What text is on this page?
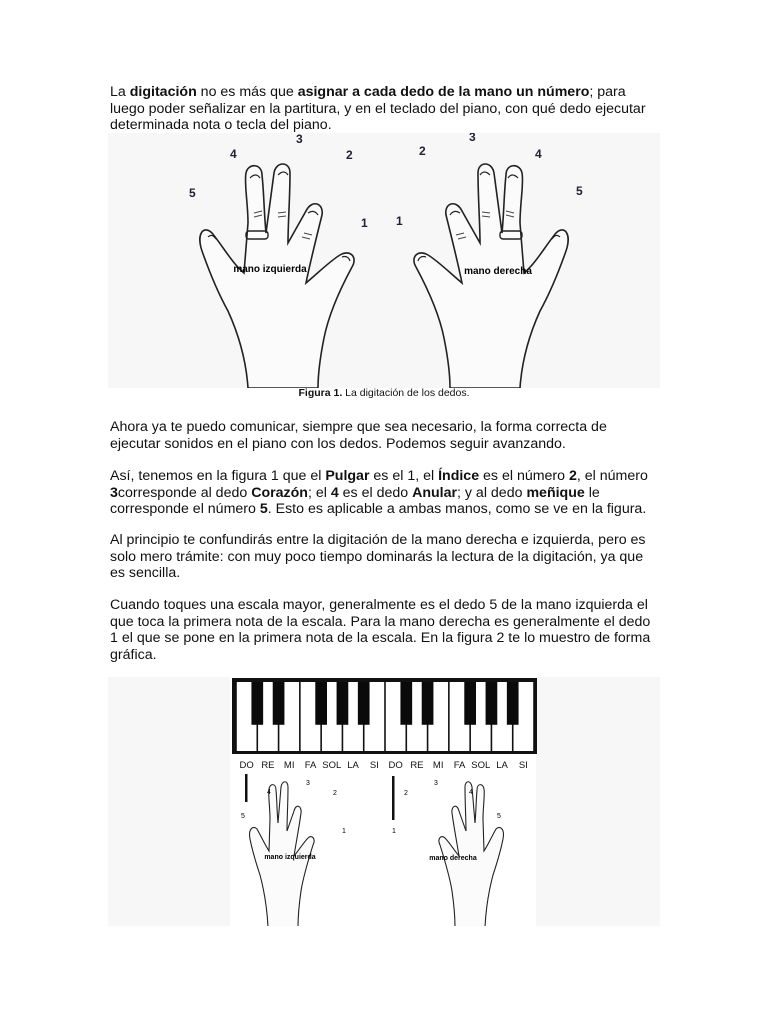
La digitación no es más que asignar a cada dedo de la mano un número; para luego poder señalizar en la partitura, y en el teclado del piano, con qué dedo ejecutar determinada nota o tecla del piano.

mano izquierda	mano derecha
5
4
3
2
1 1
2
3
4
5
Figura 1. La digitación de los dedos.

Ahora ya te puedo comunicar, siempre que sea necesario, la forma correcta de ejecutar sonidos en el piano con los dedos. Podemos seguir avanzando.

Así, tenemos en la figura 1 que el Pulgar es el 1, el Índice es el número 2, el número 3corresponde al dedo Corazón; el 4 es el dedo Anular; y al dedo meñique le corresponde el número 5. Esto es aplicable a ambas manos, como se ve en la figura.

Al principio te confundirás entre la digitación de la mano derecha e izquierda, pero es solo mero trámite: con muy poco tiempo dominarás la lectura de la digitación, ya que es sencilla.

Cuando toques una escala mayor, generalmente es el dedo 5 de la mano izquierda el que toca la primera nota de la escala. Para la mano derecha es generalmente el dedo 1 el que se pone en la primera nota de la escala. En la figura 2 te lo muestro de forma gráfica.

DO RE MI FA SOL LA SI DO RE MI FA SOL LA SI
mano izquierda	mano derecha
5
4
3
2
1	1
2
3
4
5
